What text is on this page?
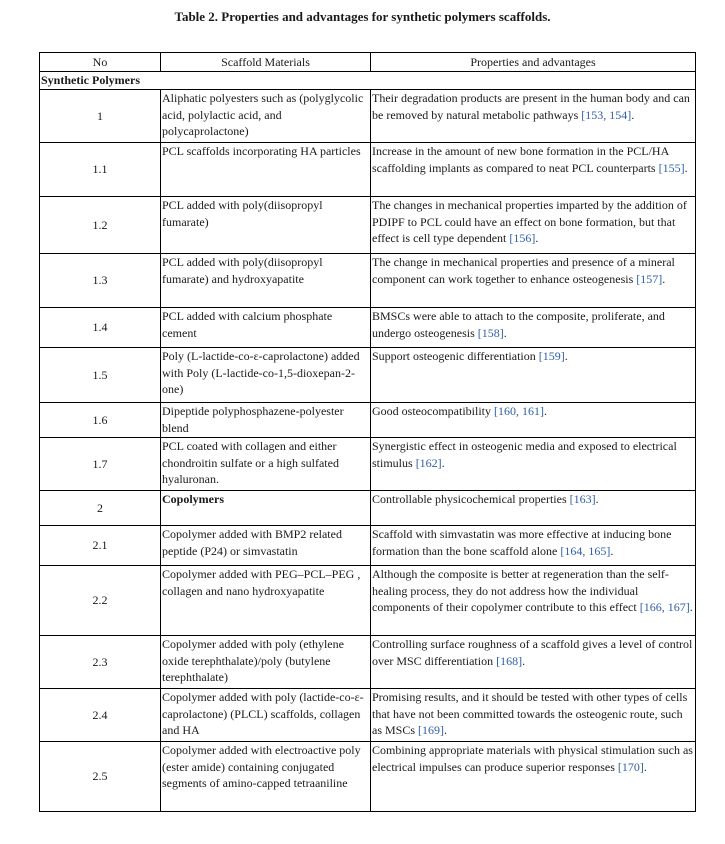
Table 2. Properties and advantages for synthetic polymers scaffolds.
No	Scaffold Materials	Properties and advantages
Synthetic Polymers		
1	Aliphatic polyesters such as (polyglycolic acid, polylactic acid, and polycaprolactone)	Their degradation products are present in the human body and can be removed by natural metabolic pathways [153, 154].
1.1	PCL scaffolds incorporating HA particles	Increase in the amount of new bone formation in the PCL/HA scaffolding implants as compared to neat PCL counterparts [155].
1.2	PCL added with poly(diisopropyl fumarate)	The changes in mechanical properties imparted by the addition of PDIPF to PCL could have an effect on bone formation, but that effect is cell type dependent [156].
1.3	PCL added with poly(diisopropyl fumarate) and hydroxyapatite	The change in mechanical properties and presence of a mineral component can work together to enhance osteogenesis [157].
1.4	PCL added with calcium phosphate cement	BMSCs were able to attach to the composite, proliferate, and undergo osteogenesis [158].
1.5	Poly (L-lactide-co-ε-caprolactone) added with Poly (L-lactide-co-1,5-dioxepan-2-one)	Support osteogenic differentiation [159].
1.6	Dipeptide polyphosphazene-polyester blend	Good osteocompatibility [160, 161].
1.7	PCL coated with collagen and either chondroitin sulfate or a high sulfated hyaluronan.	Synergistic effect in osteogenic media and exposed to electrical stimulus [162].
2	Copolymers	Controllable physicochemical properties [163].
2.1	Copolymer added with BMP2 related peptide (P24) or simvastatin	Scaffold with simvastatin was more effective at inducing bone formation than the bone scaffold alone [164, 165].
2.2	Copolymer added with PEG–PCL–PEG , collagen and nano hydroxyapatite	Although the composite is better at regeneration than the self-healing process, they do not address how the individual components of their copolymer contribute to this effect [166, 167].
2.3	Copolymer added with poly (ethylene oxide terephthalate)/poly (butylene terephthalate)	Controlling surface roughness of a scaffold gives a level of control over MSC differentiation [168].
2.4	Copolymer added with poly (lactide-co-ε-caprolactone) (PLCL) scaffolds, collagen and HA	Promising results, and it should be tested with other types of cells that have not been committed towards the osteogenic route, such as MSCs [169].
2.5	Copolymer added with electroactive poly (ester amide) containing conjugated segments of amino-capped tetraaniline	Combining appropriate materials with physical stimulation such as electrical impulses can produce superior responses [170].
